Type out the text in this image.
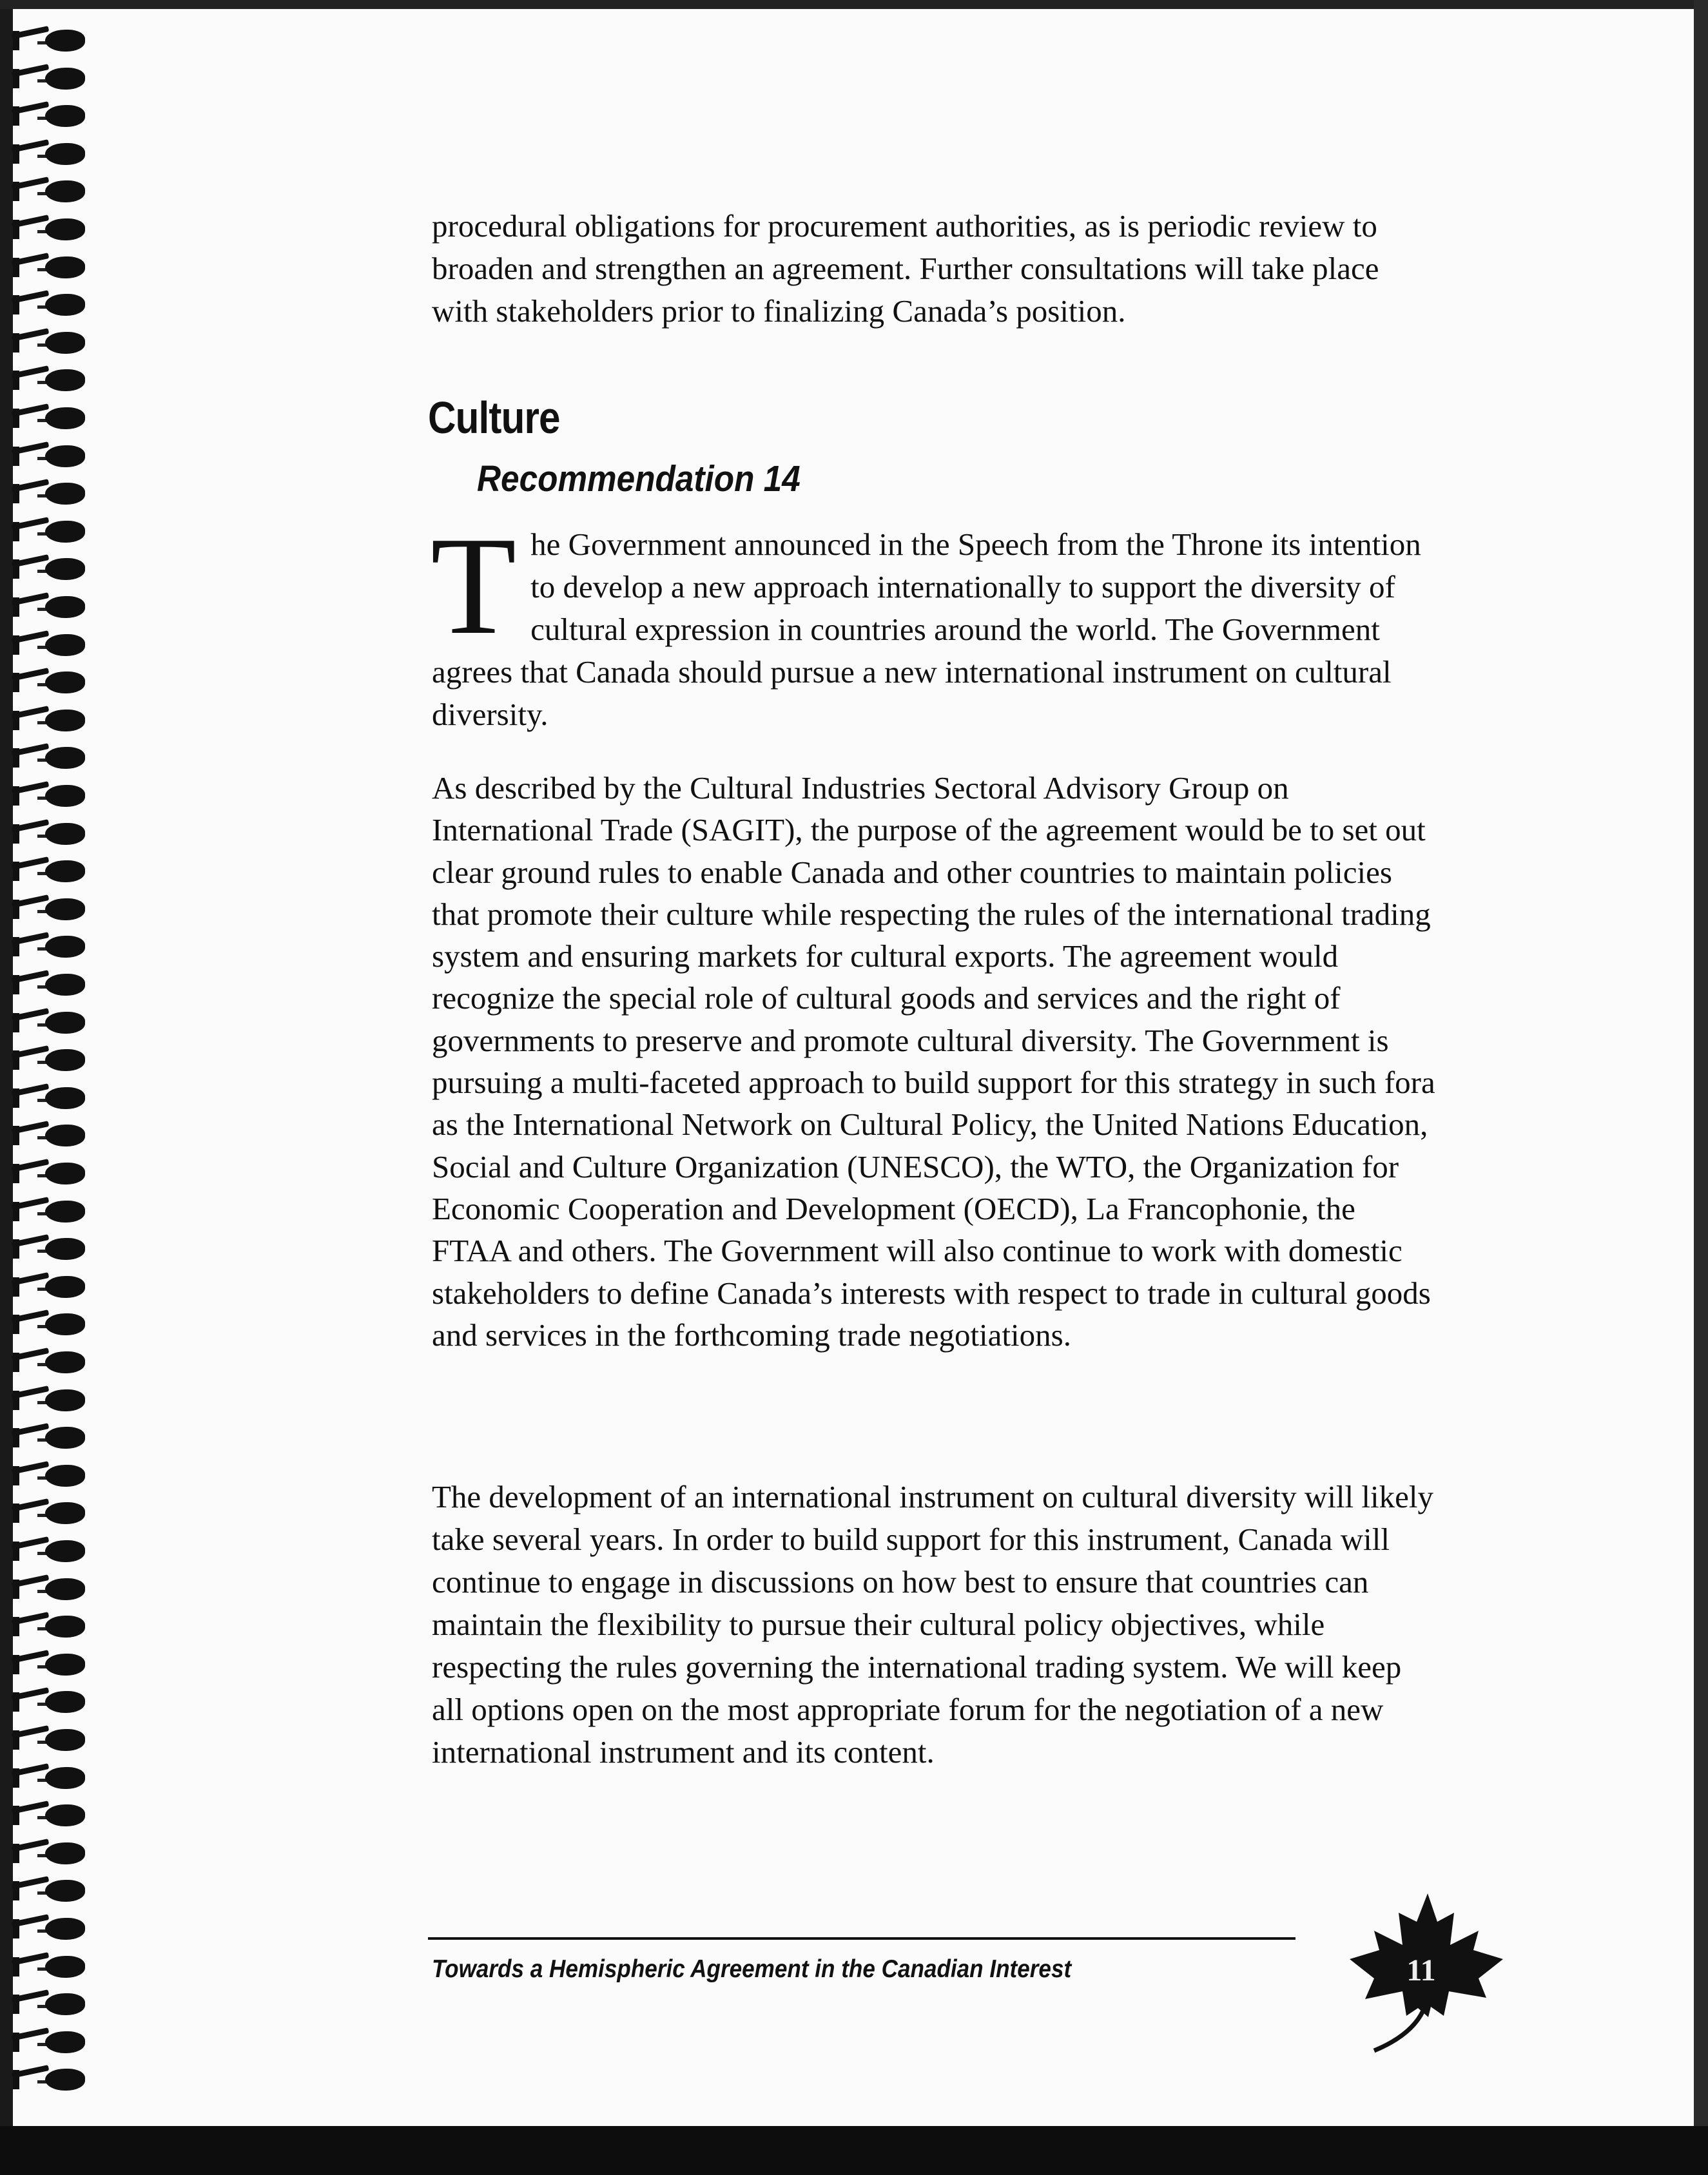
procedural obligations for procurement authorities, as is periodic review to broaden and strengthen an agreement. Further consultations will take place with stakeholders prior to finalizing Canada’s position.
Culture
Recommendation 14
T he Government announced in the Speech from the Throne its intention to develop a new approach internationally to support the diversity of cultural expression in countries around the world. The Government agrees that Canada should pursue a new international instrument on cultural diversity.
As described by the Cultural Industries Sectoral Advisory Group on International Trade (SAGIT), the purpose of the agreement would be to set out clear ground rules to enable Canada and other countries to maintain policies that promote their culture while respecting the rules of the international trading system and ensuring markets for cultural exports. The agreement would recognize the special role of cultural goods and services and the right of governments to preserve and promote cultural diversity. The Government is pursuing a multi-faceted approach to build support for this strategy in such fora as the International Network on Cultural Policy, the United Nations Education, Social and Culture Organization (UNESCO), the WTO, the Organization for Economic Cooperation and Development (OECD), La Francophonie, the FTAA and others. The Government will also continue to work with domestic stakeholders to define Canada’s interests with respect to trade in cultural goods and services in the forthcoming trade negotiations.
The development of an international instrument on cultural diversity will likely take several years. In order to build support for this instrument, Canada will continue to engage in discussions on how best to ensure that countries can maintain the flexibility to pursue their cultural policy objectives, while respecting the rules governing the international trading system. We will keep all options open on the most appropriate forum for the negotiation of a new international instrument and its content.
Towards a Hemispheric Agreement in the Canadian Interest	11
